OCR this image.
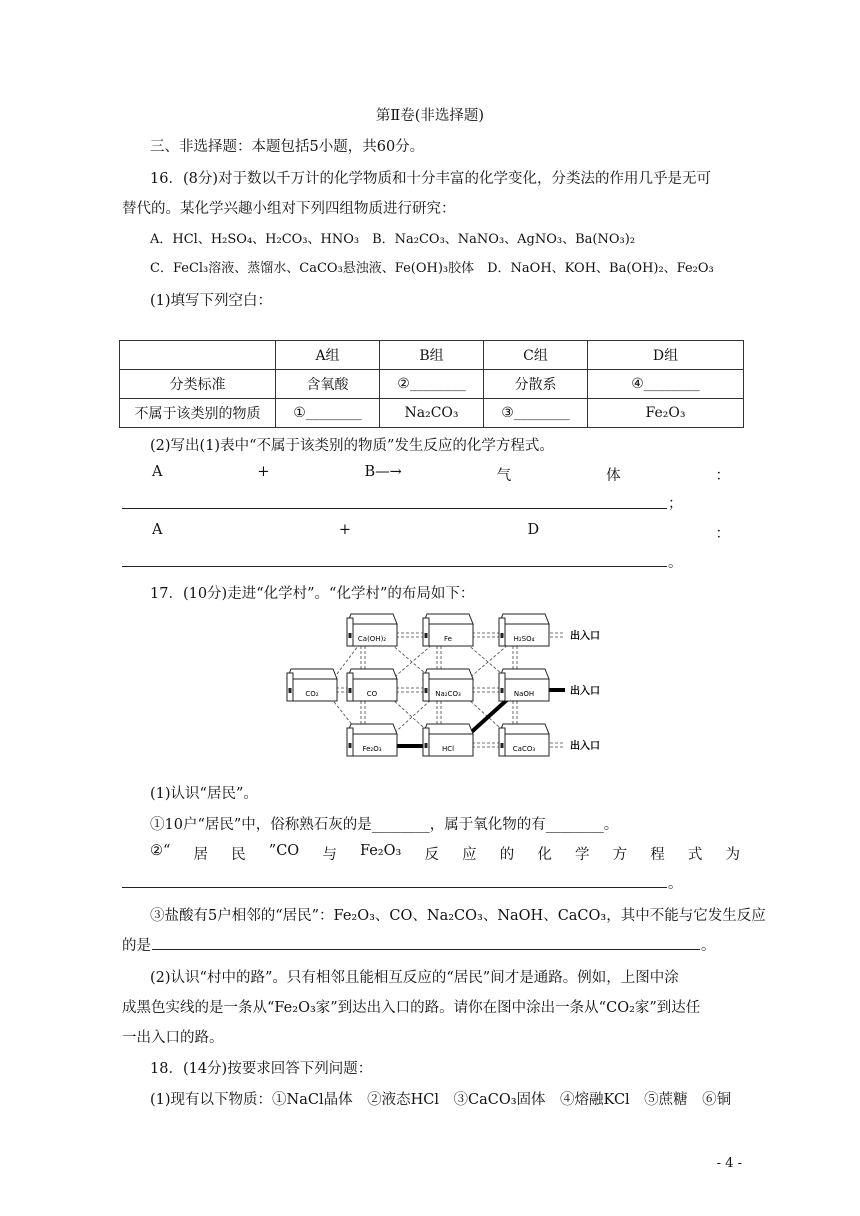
第Ⅱ卷(非选择题)
三、非选择题：本题包括5小题，共60分。
16．(8分)对于数以千万计的化学物质和十分丰富的化学变化，分类法的作用几乎是无可
替代的。某化学兴趣小组对下列四组物质进行研究：
A．HCl、H₂SO₄、H₂CO₃、HNO₃　B．Na₂CO₃、NaNO₃、AgNO₃、Ba(NO₃)₂
C．FeCl₃溶液、蒸馏水、CaCO₃悬浊液、Fe(OH)₃胶体　D．NaOH、KOH、Ba(OH)₂、Fe₂O₃
(1)填写下列空白：
	A组	B组	C组	D组
分类标准	含氧酸	②________	分散系	④________
不属于该类别的物质	①________	Na₂CO₃	③________	Fe₂O₃
(2)写出(1)表中“不属于该类别的物质”发生反应的化学方程式。
A	+	B—→	气	体	：
；
A	+	D	：
。
17．(10分)走进“化学村”。“化学村”的布局如下：
Ca(OH)₂	Fe	H₂SO₄
CO₂	CO	Na₂CO₃	NaOH
Fe₂O₃	HCl	CaCO₃
出入口
出入口
出入口
(1)认识“居民”。
①10户“居民”中，俗称熟石灰的是________，属于氧化物的有________。
②“ 居 民 ”CO 与 Fe₂O₃ 反 应 的 化 学 方 程 式 为
。
③盐酸有5户相邻的“居民”：Fe₂O₃、CO、Na₂CO₃、NaOH、CaCO₃，其中不能与它发生反应
的是	。
(2)认识“村中的路”。只有相邻且能相互反应的“居民”间才是通路。例如，上图中涂
成黑色实线的是一条从“Fe₂O₃家”到达出入口的路。请你在图中涂出一条从“CO₂家”到达任
一出入口的路。
18．(14分)按要求回答下列问题：
(1)现有以下物质：①NaCl晶体　②液态HCl　③CaCO₃固体　④熔融KCl　⑤蔗糖　⑥铜
- 4 -
